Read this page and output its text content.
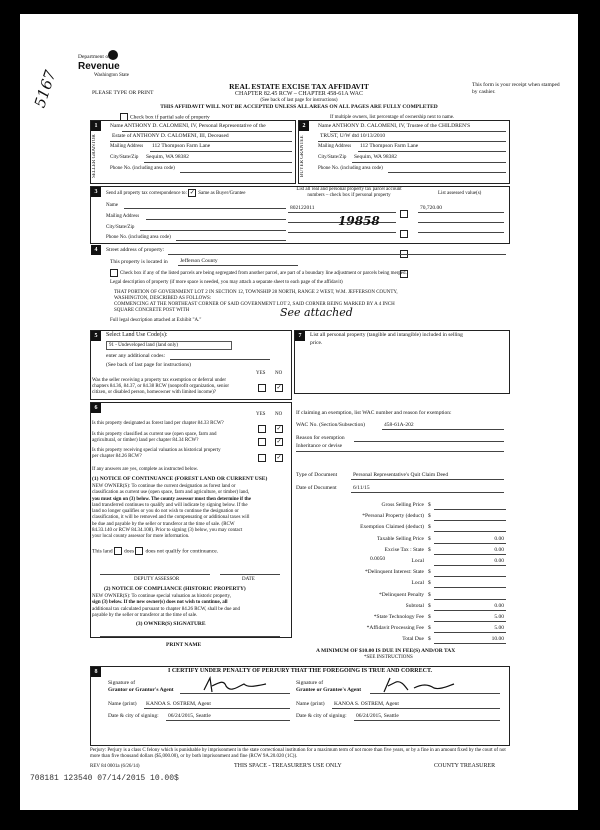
5167
Department of
Revenue
Washington State
PLEASE TYPE OR PRINT
REAL ESTATE EXCISE TAX AFFIDAVIT
CHAPTER 82.45 RCW – CHAPTER 458-61A WAC
(See back of last page for instructions)
THIS AFFIDAVIT WILL NOT BE ACCEPTED UNLESS ALL AREAS ON ALL PAGES ARE FULLY COMPLETED
This form is your receipt when stamped by cashier.
Check box if partial sale of property	If multiple owners, list percentage of ownership next to name.
1
SELLER GRANTOR
Name ANTHONY D. CALOMENI, IV, Personal Representative of the
Estate of ANTHONY D. CALOMENI, III, Deceased
Mailing Address 112 Thompson Farm Lane
City/State/Zip Sequim, WA 98382
Phone No. (including area code)
2
BUYER GRANTEE
Name ANTHONY D. CALOMENI, IV, Trustee of the CHILDREN'S
TRUST, U/W dtd 10/13/2010
Mailing Address 112 Thompson Farm Lane
City/State/Zip Sequim, WA 98382
Phone No. (including area code)
3	Send all property tax correspondence to: ✓ Same as Buyer/Grantee
Name
Mailing Address
City/State/Zip
Phone No. (including area code)
List all real and personal property tax parcel account numbers – check box if personal property	List assessed value(s)
802122011	70,720.00
19858
4	Street address of property:
This property is located in Jefferson County
Check box if any of the listed parcels are being segregated from another parcel, are part of a boundary line adjustment or parcels being merged.
Legal description of property (if more space is needed, you may attach a separate sheet to each page of the affidavit)
THAT PORTION OF GOVERNMENT LOT 2 IN SECTION 12, TOWNSHIP 28 NORTH, RANGE 2 WEST, W.M. JEFFERSON COUNTY,
WASHINGTON, DESCRIBED AS FOLLOWS:
COMMENCING AT THE NORTHEAST CORNER OF SAID GOVERNMENT LOT 2, SAID CORNER BEING MARKED BY A 4 INCH
SQUARE CONCRETE POST WITH	See attached
Full legal description attached at Exhibit "A."
5	Select Land Use Code(s):
91 - Undeveloped land (land only)
enter any additional codes:
(See back of last page for instructions)
YES NO
Was the seller receiving a property tax exemption or deferral under
chapters 84.36, 84.37, or 84.38 RCW (nonprofit organization, senior
citizen, or disabled person, homeowner with limited income)?
✓
6
YES NO
Is this property designated as forest land per chapter 84.33 RCW?
✓
Is this property classified as current use (open space, farm and
agricultural, or timber) land per chapter 84.34 RCW?	✓
Is this property receiving special valuation as historical property
per chapter 84.26 RCW?	✓
If any answers are yes, complete as instructed below.
(1) NOTICE OF CONTINUANCE (FOREST LAND OR CURRENT USE)
NEW OWNER(S): To continue the current designation as forest land or
classification as current use (open space, farm and agriculture, or timber) land,
you must sign on (3) below. The county assessor must then determine if the
land transferred continues to qualify and will indicate by signing below. If the
land no longer qualifies or you do not wish to continue the designation or
classification, it will be removed and the compensating or additional taxes will
be due and payable by the seller or transferor at the time of sale. (RCW
84.33.140 or RCW 84.34.108). Prior to signing (3) below, you may contact
your local county assessor for more information.
This land does does not qualify for continuance.
DEPUTY ASSESSOR	DATE
(2) NOTICE OF COMPLIANCE (HISTORIC PROPERTY)
NEW OWNER(S): To continue special valuation as historic property,
sign (3) below. If the new owner(s) does not wish to continue, all
additional tax calculated pursuant to chapter 84.26 RCW, shall be due and
payable by the seller or transferor at the time of sale.
(3) OWNER(S) SIGNATURE
PRINT NAME
7	List all personal property (tangible and intangible) included in selling
price.
If claiming an exemption, list WAC number and reason for exemption:
WAC No. (Section/Subsection)	458-61A-202
Reason for exemption
Inheritance or devise
Type of Document	Personal Representative's Quit Claim Deed
Date of Document	6/11/15
0.0050
A MINIMUM OF $10.00 IS DUE IN FEE(S) AND/OR TAX
*SEE INSTRUCTIONS
8	I CERTIFY UNDER PENALTY OF PERJURY THAT THE FOREGOING IS TRUE AND CORRECT.
Signature of
Grantor or Grantor's Agent
Name (print) KANOA S. OSTREM, Agent
Date & city of signing: 06/24/2015, Seattle
Signature of
Grantee or Grantee's Agent
Name (print) KANOA S. OSTREM, Agent
Date & city of signing: 06/24/2015, Seattle
Perjury: Perjury is a class C felony which is punishable by imprisonment in the state correctional institution for a maximum term of not more than five years, or by a fine in an amount fixed by the court of not more than five thousand dollars ($5,000.00), or by both imprisonment and fine (RCW 9A.20.020 (1C)).
REV 84 0001a (6/26/14)	THIS SPACE - TREASURER'S USE ONLY	COUNTY TREASURER
708181 123540 07/14/2015 10.00$
Gross Selling Price $
*Personal Property (deduct) $
Exemption Claimed (deduct) $
Taxable Selling Price $	0.00
Excise Tax : State $	0.00
Local	0.00
*Delinquent Interest: State $
Local $
*Delinquent Penalty $
Subtotal $	0.00
*State Technology Fee $	5.00
*Affidavit Processing Fee $	5.00
Total Due $	10.00
